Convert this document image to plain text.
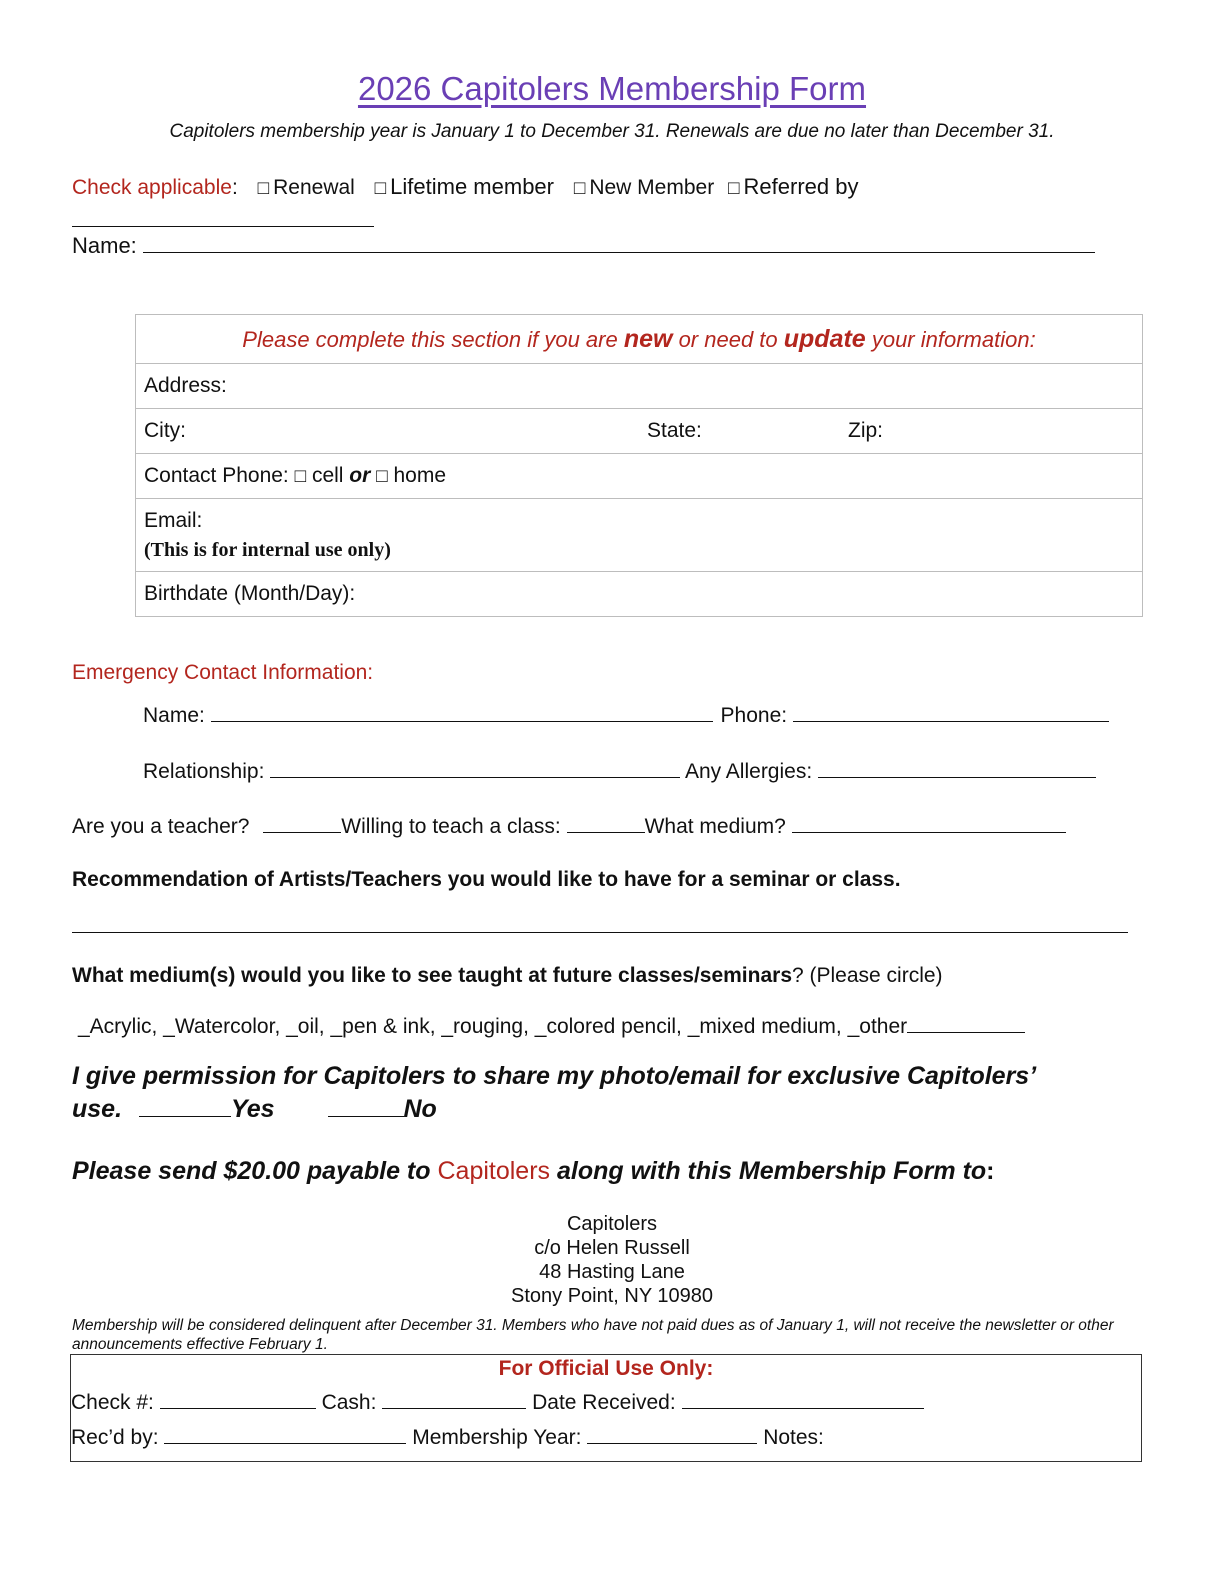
2026 Capitolers Membership Form
Capitolers membership year is January 1 to December 31. Renewals are due no later than December 31.
Check applicable: □ Renewal □ Lifetime member □ New Member □ Referred by
Name:
Please complete this section if you are new or need to update your information:
Address:
City:	State:	Zip:
Contact Phone: □ cell or □ home
Email:
(This is for internal use only)
Birthdate (Month/Day):
Emergency Contact Information:
Name:	Phone:
Relationship:	Any Allergies:
Are you a teacher?	Willing to teach a class:	What medium?
Recommendation of Artists/Teachers you would like to have for a seminar or class.
What medium(s) would you like to see taught at future classes/seminars? (Please circle)
_Acrylic, _Watercolor, _oil, _pen & ink, _rouging, _colored pencil, _mixed medium, _other
I give permission for Capitolers to share my photo/email for exclusive Capitolers’
use.	Yes	No
Please send $20.00 payable to Capitolers along with this Membership Form to:
Capitolers
c/o Helen Russell
48 Hasting Lane
Stony Point, NY 10980
Membership will be considered delinquent after December 31. Members who have not paid dues as of January 1, will not receive the newsletter or other announcements effective February 1.
For Official Use Only:
Check #:	Cash:	Date Received:
Rec’d by:	Membership Year:	Notes:
